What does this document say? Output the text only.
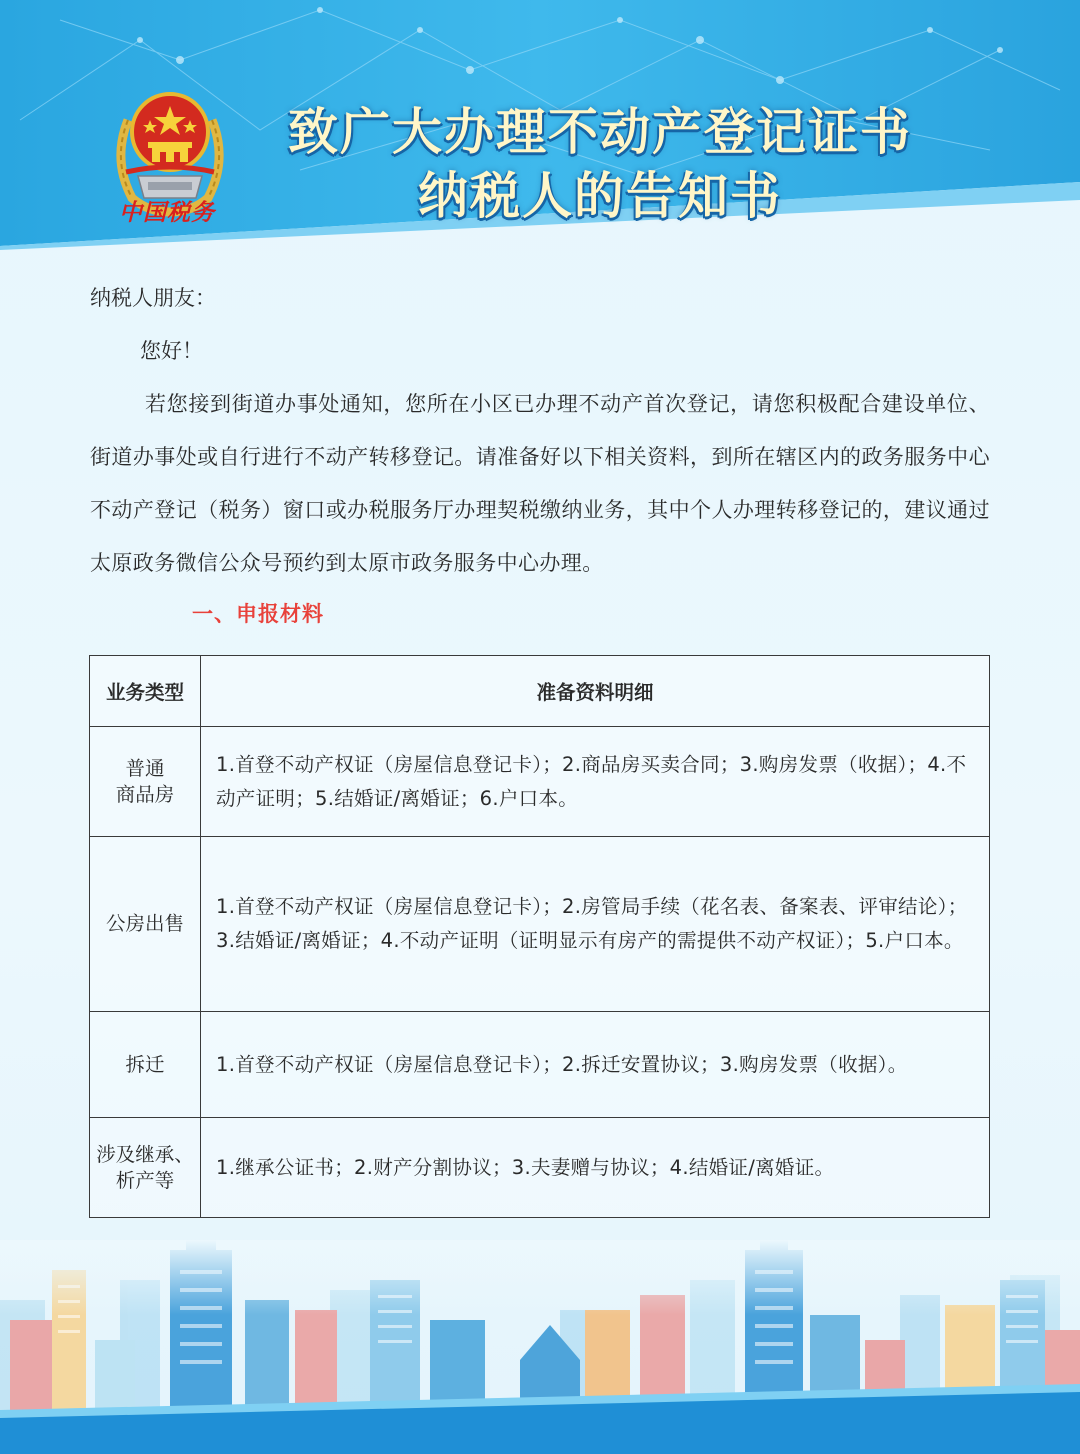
中国税务
致广大办理不动产登记证书
纳税人的告知书
纳税人朋友：
您好！
若您接到街道办事处通知，您所在小区已办理不动产首次登记，请您积极配合建设单位、街道办事处或自行进行不动产转移登记。请准备好以下相关资料，到所在辖区内的政务服务中心不动产登记（税务）窗口或办税服务厅办理契税缴纳业务，其中个人办理转移登记的，建议通过太原政务微信公众号预约到太原市政务服务中心办理。
一、申报材料
业务类型	准备资料明细
普通
商品房	1.首登不动产权证（房屋信息登记卡）；2.商品房买卖合同；3.购房发票（收据）；4.不动产证明；5.结婚证/离婚证；6.户口本。
公房出售	1.首登不动产权证（房屋信息登记卡）；2.房管局手续（花名表、备案表、评审结论）；3.结婚证/离婚证；4.不动产证明（证明显示有房产的需提供不动产权证）；5.户口本。
拆迁	1.首登不动产权证（房屋信息登记卡）；2.拆迁安置协议；3.购房发票（收据）。
涉及继承、
析产等	1.继承公证书；2.财产分割协议；3.夫妻赠与协议；4.结婚证/离婚证。
